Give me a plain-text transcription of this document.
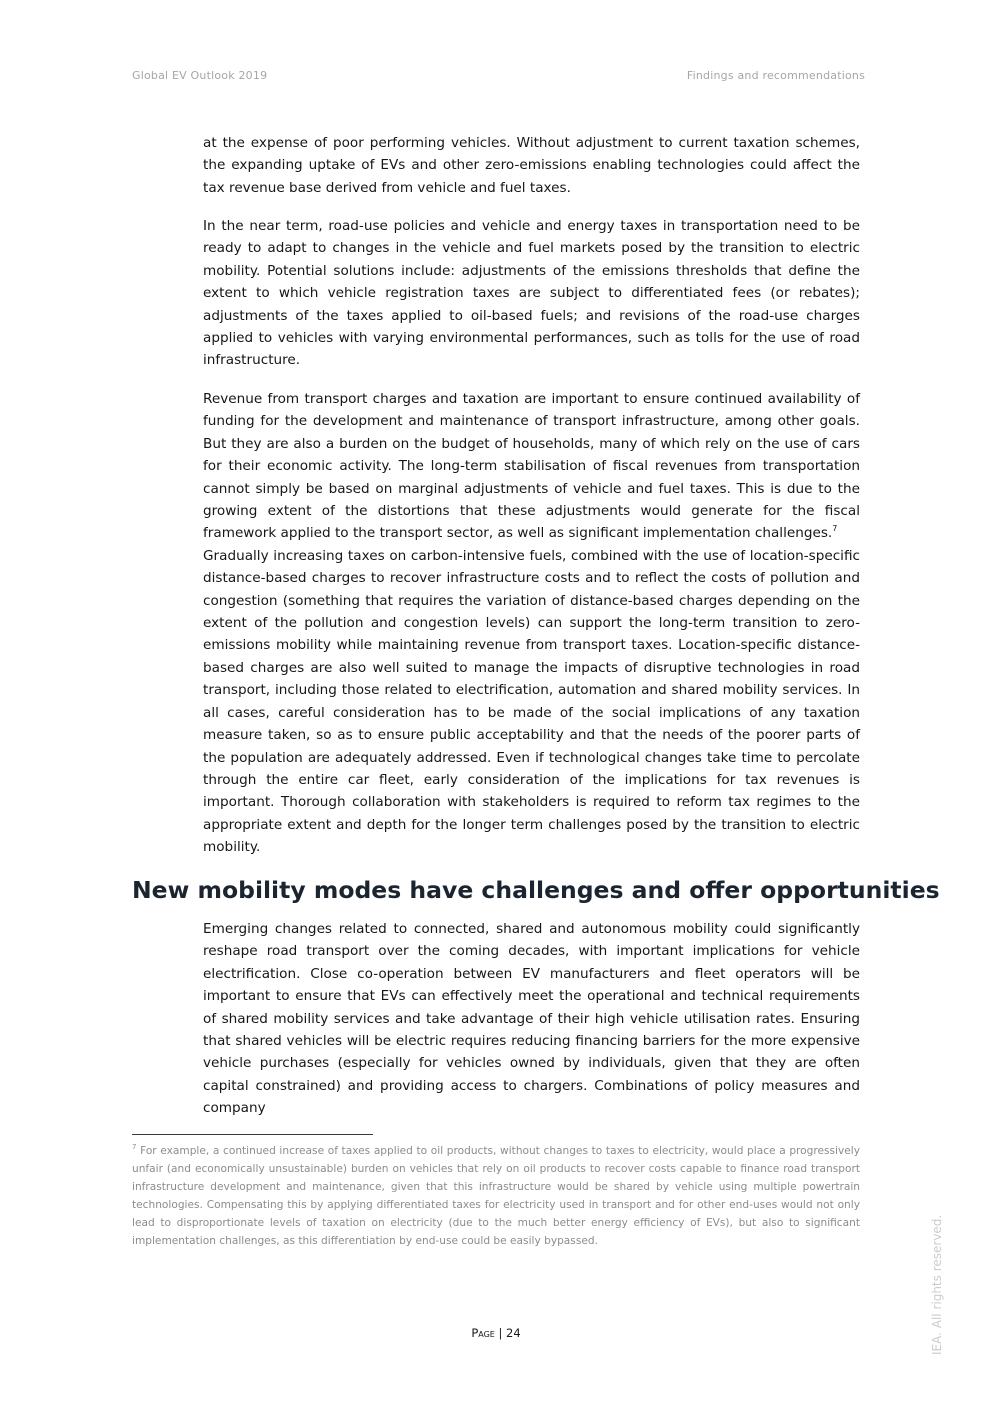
Global EV Outlook 2019	Findings and recommendations

at the expense of poor performing vehicles. Without adjustment to current taxation schemes, the expanding uptake of EVs and other zero-emissions enabling technologies could affect the tax revenue base derived from vehicle and fuel taxes.

In the near term, road-use policies and vehicle and energy taxes in transportation need to be ready to adapt to changes in the vehicle and fuel markets posed by the transition to electric mobility. Potential solutions include: adjustments of the emissions thresholds that define the extent to which vehicle registration taxes are subject to differentiated fees (or rebates); adjustments of the taxes applied to oil-based fuels; and revisions of the road-use charges applied to vehicles with varying environmental performances, such as tolls for the use of road infrastructure.

Revenue from transport charges and taxation are important to ensure continued availability of funding for the development and maintenance of transport infrastructure, among other goals. But they are also a burden on the budget of households, many of which rely on the use of cars for their economic activity. The long-term stabilisation of fiscal revenues from transportation cannot simply be based on marginal adjustments of vehicle and fuel taxes. This is due to the growing extent of the distortions that these adjustments would generate for the fiscal framework applied to the transport sector, as well as significant implementation challenges.$^7$
Gradually increasing taxes on carbon-intensive fuels, combined with the use of location-specific distance-based charges to recover infrastructure costs and to reflect the costs of pollution and congestion (something that requires the variation of distance-based charges depending on the extent of the pollution and congestion levels) can support the long-term transition to zero-emissions mobility while maintaining revenue from transport taxes. Location-specific distance-based charges are also well suited to manage the impacts of disruptive technologies in road transport, including those related to electrification, automation and shared mobility services. In all cases, careful consideration has to be made of the social implications of any taxation measure taken, so as to ensure public acceptability and that the needs of the poorer parts of the population are adequately addressed. Even if technological changes take time to percolate through the entire car fleet, early consideration of the implications for tax revenues is important. Thorough collaboration with stakeholders is required to reform tax regimes to the appropriate extent and depth for the longer term challenges posed by the transition to electric mobility.

New mobility modes have challenges and offer opportunities

Emerging changes related to connected, shared and autonomous mobility could significantly reshape road transport over the coming decades, with important implications for vehicle electrification. Close co-operation between EV manufacturers and fleet operators will be important to ensure that EVs can effectively meet the operational and technical requirements of shared mobility services and take advantage of their high vehicle utilisation rates. Ensuring that shared vehicles will be electric requires reducing financing barriers for the more expensive vehicle purchases (especially for vehicles owned by individuals, given that they are often capital constrained) and providing access to chargers. Combinations of policy measures and company

$^7$ For example, a continued increase of taxes applied to oil products, without changes to taxes to electricity, would place a progressively unfair (and economically unsustainable) burden on vehicles that rely on oil products to recover costs capable to finance road transport infrastructure development and maintenance, given that this infrastructure would be shared by vehicle using multiple powertrain technologies. Compensating this by applying differentiated taxes for electricity used in transport and for other end-uses would not only lead to disproportionate levels of taxation on electricity (due to the much better energy efficiency of EVs), but also to significant implementation challenges, as this differentiation by end-use could be easily bypassed.

Page | 24	IEA. All rights reserved.
